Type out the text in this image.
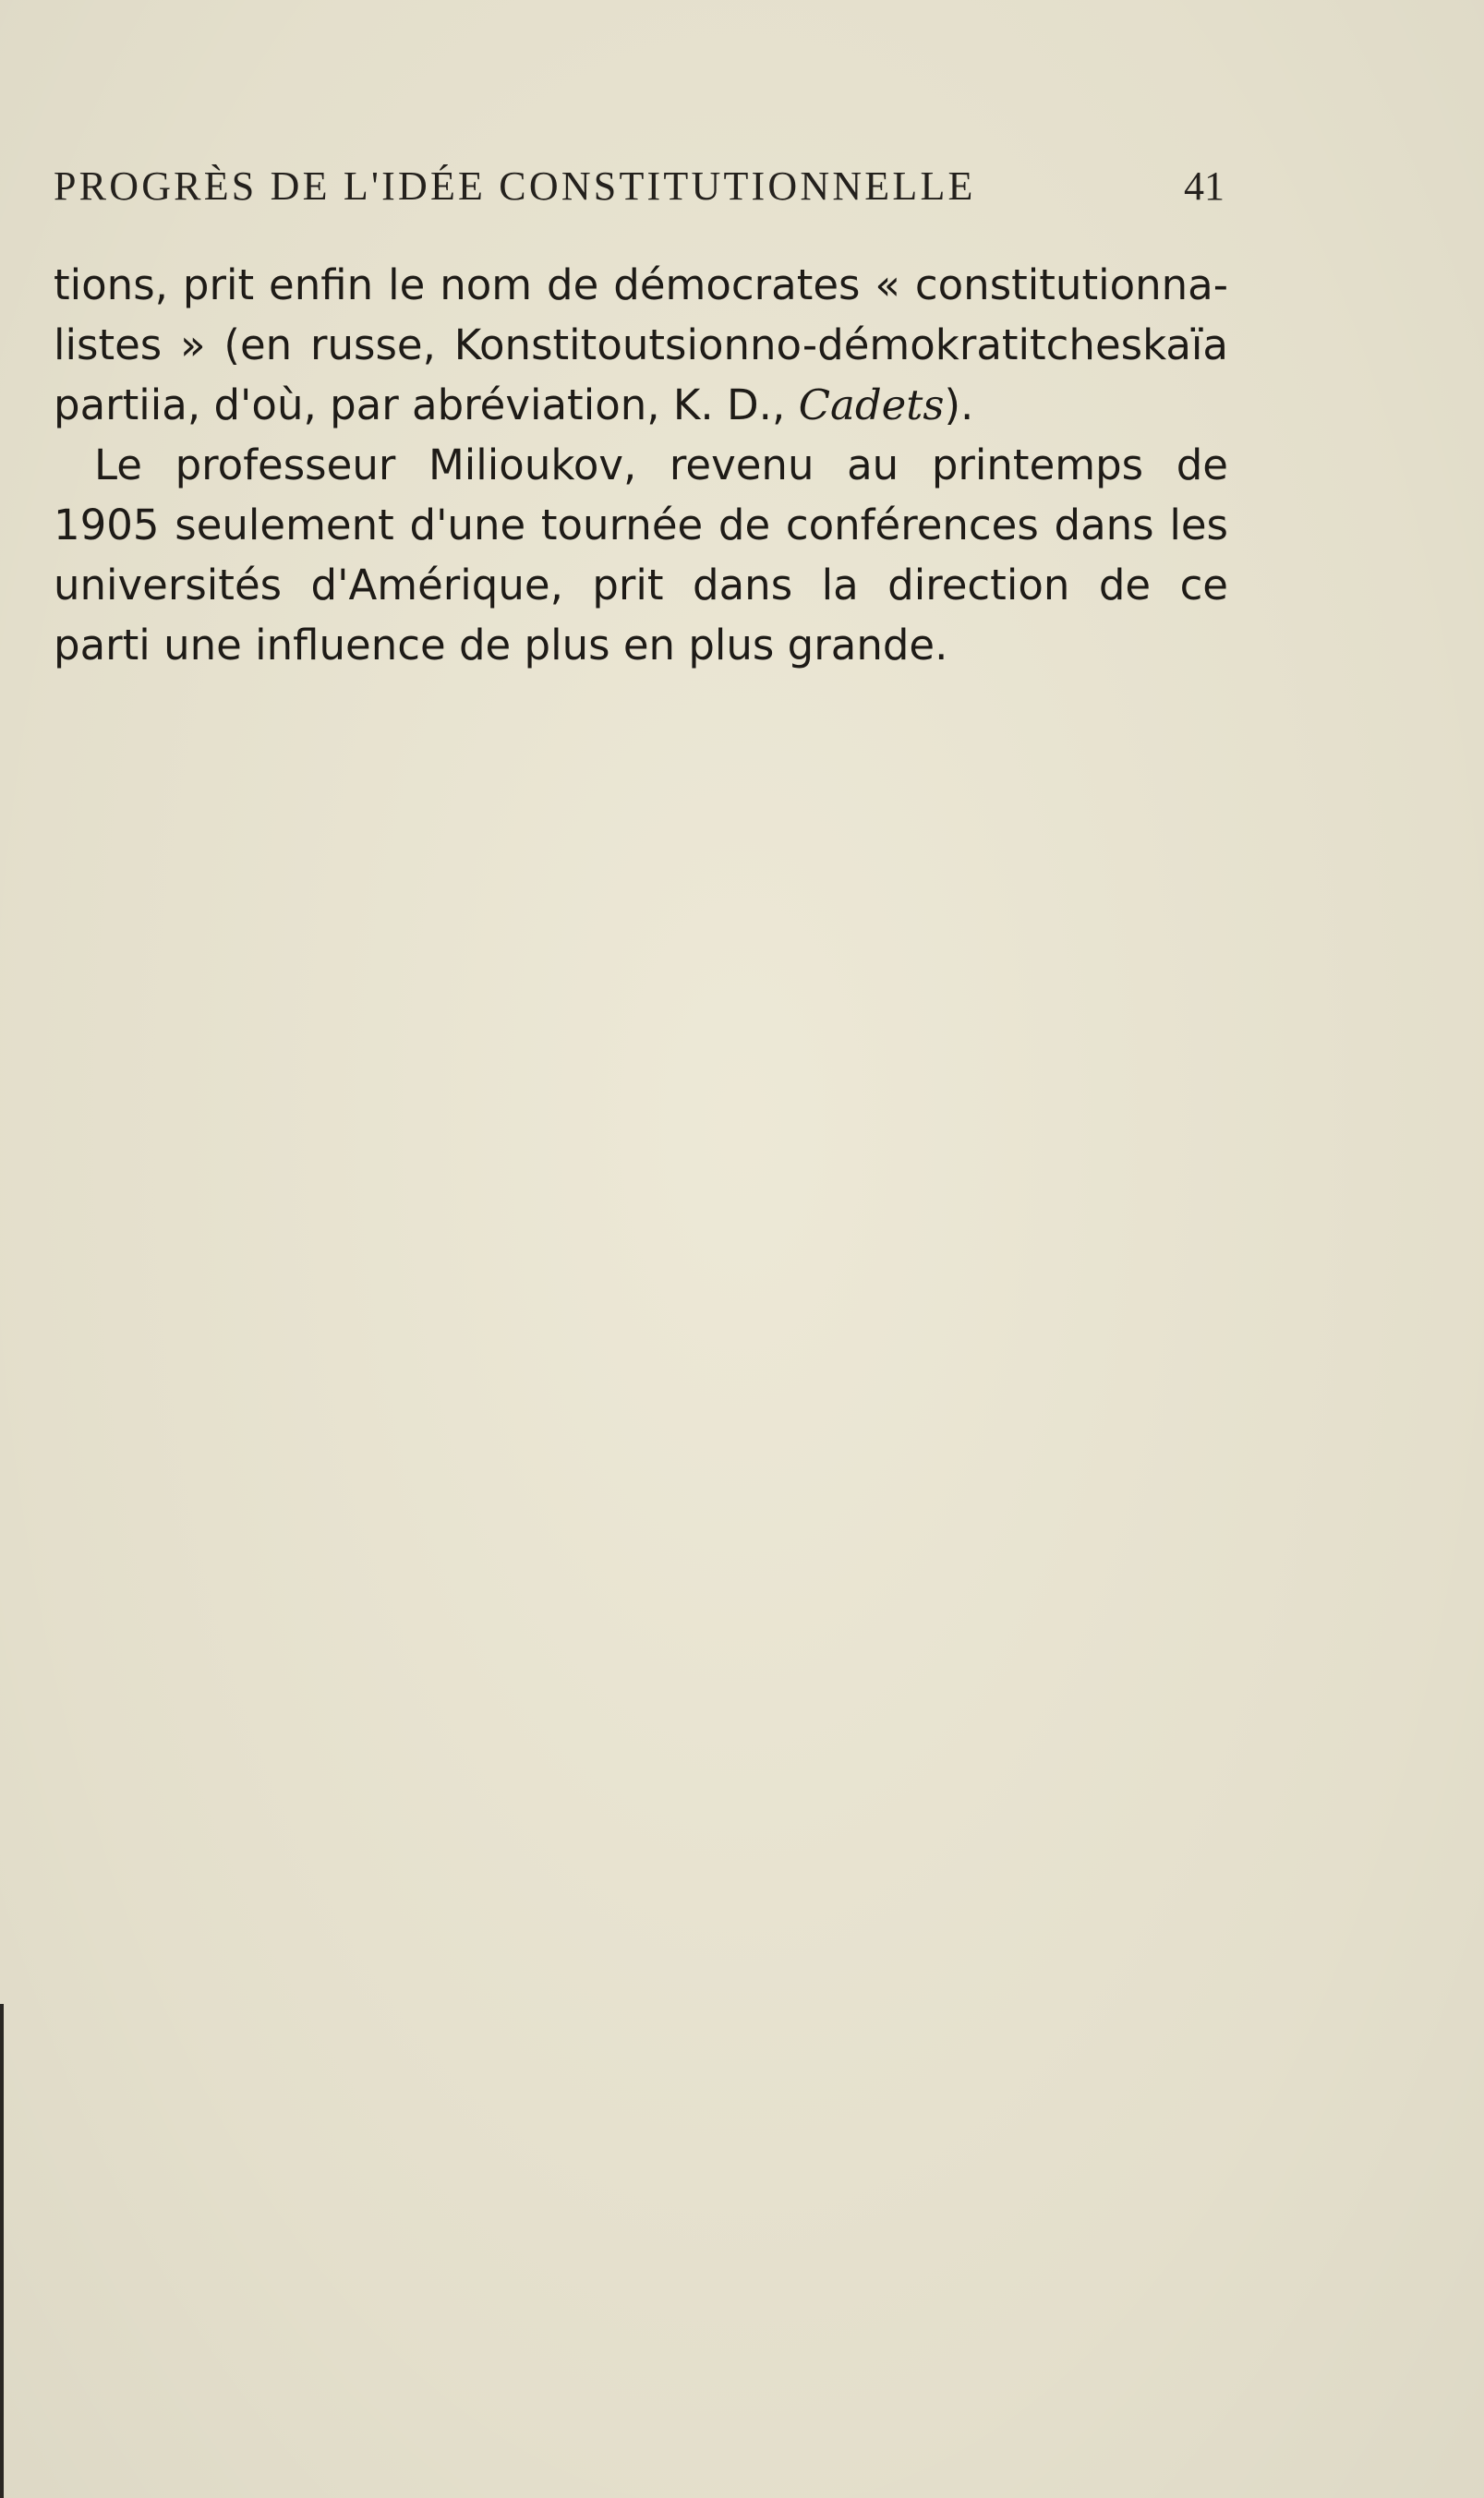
PROGRÈS DE L'IDÉE CONSTITUTIONNELLE	41
tions, prit enfin le nom de démocrates « constitutionna-
listes » (en russe, Konstitoutsionno-démokratitcheskaïa
partiia, d'où, par abréviation, K. D., Cadets).
Le professeur Milioukov, revenu au printemps de
1905 seulement d'une tournée de conférences dans les
universités d'Amérique, prit dans la direction de ce
parti une influence de plus en plus grande.
